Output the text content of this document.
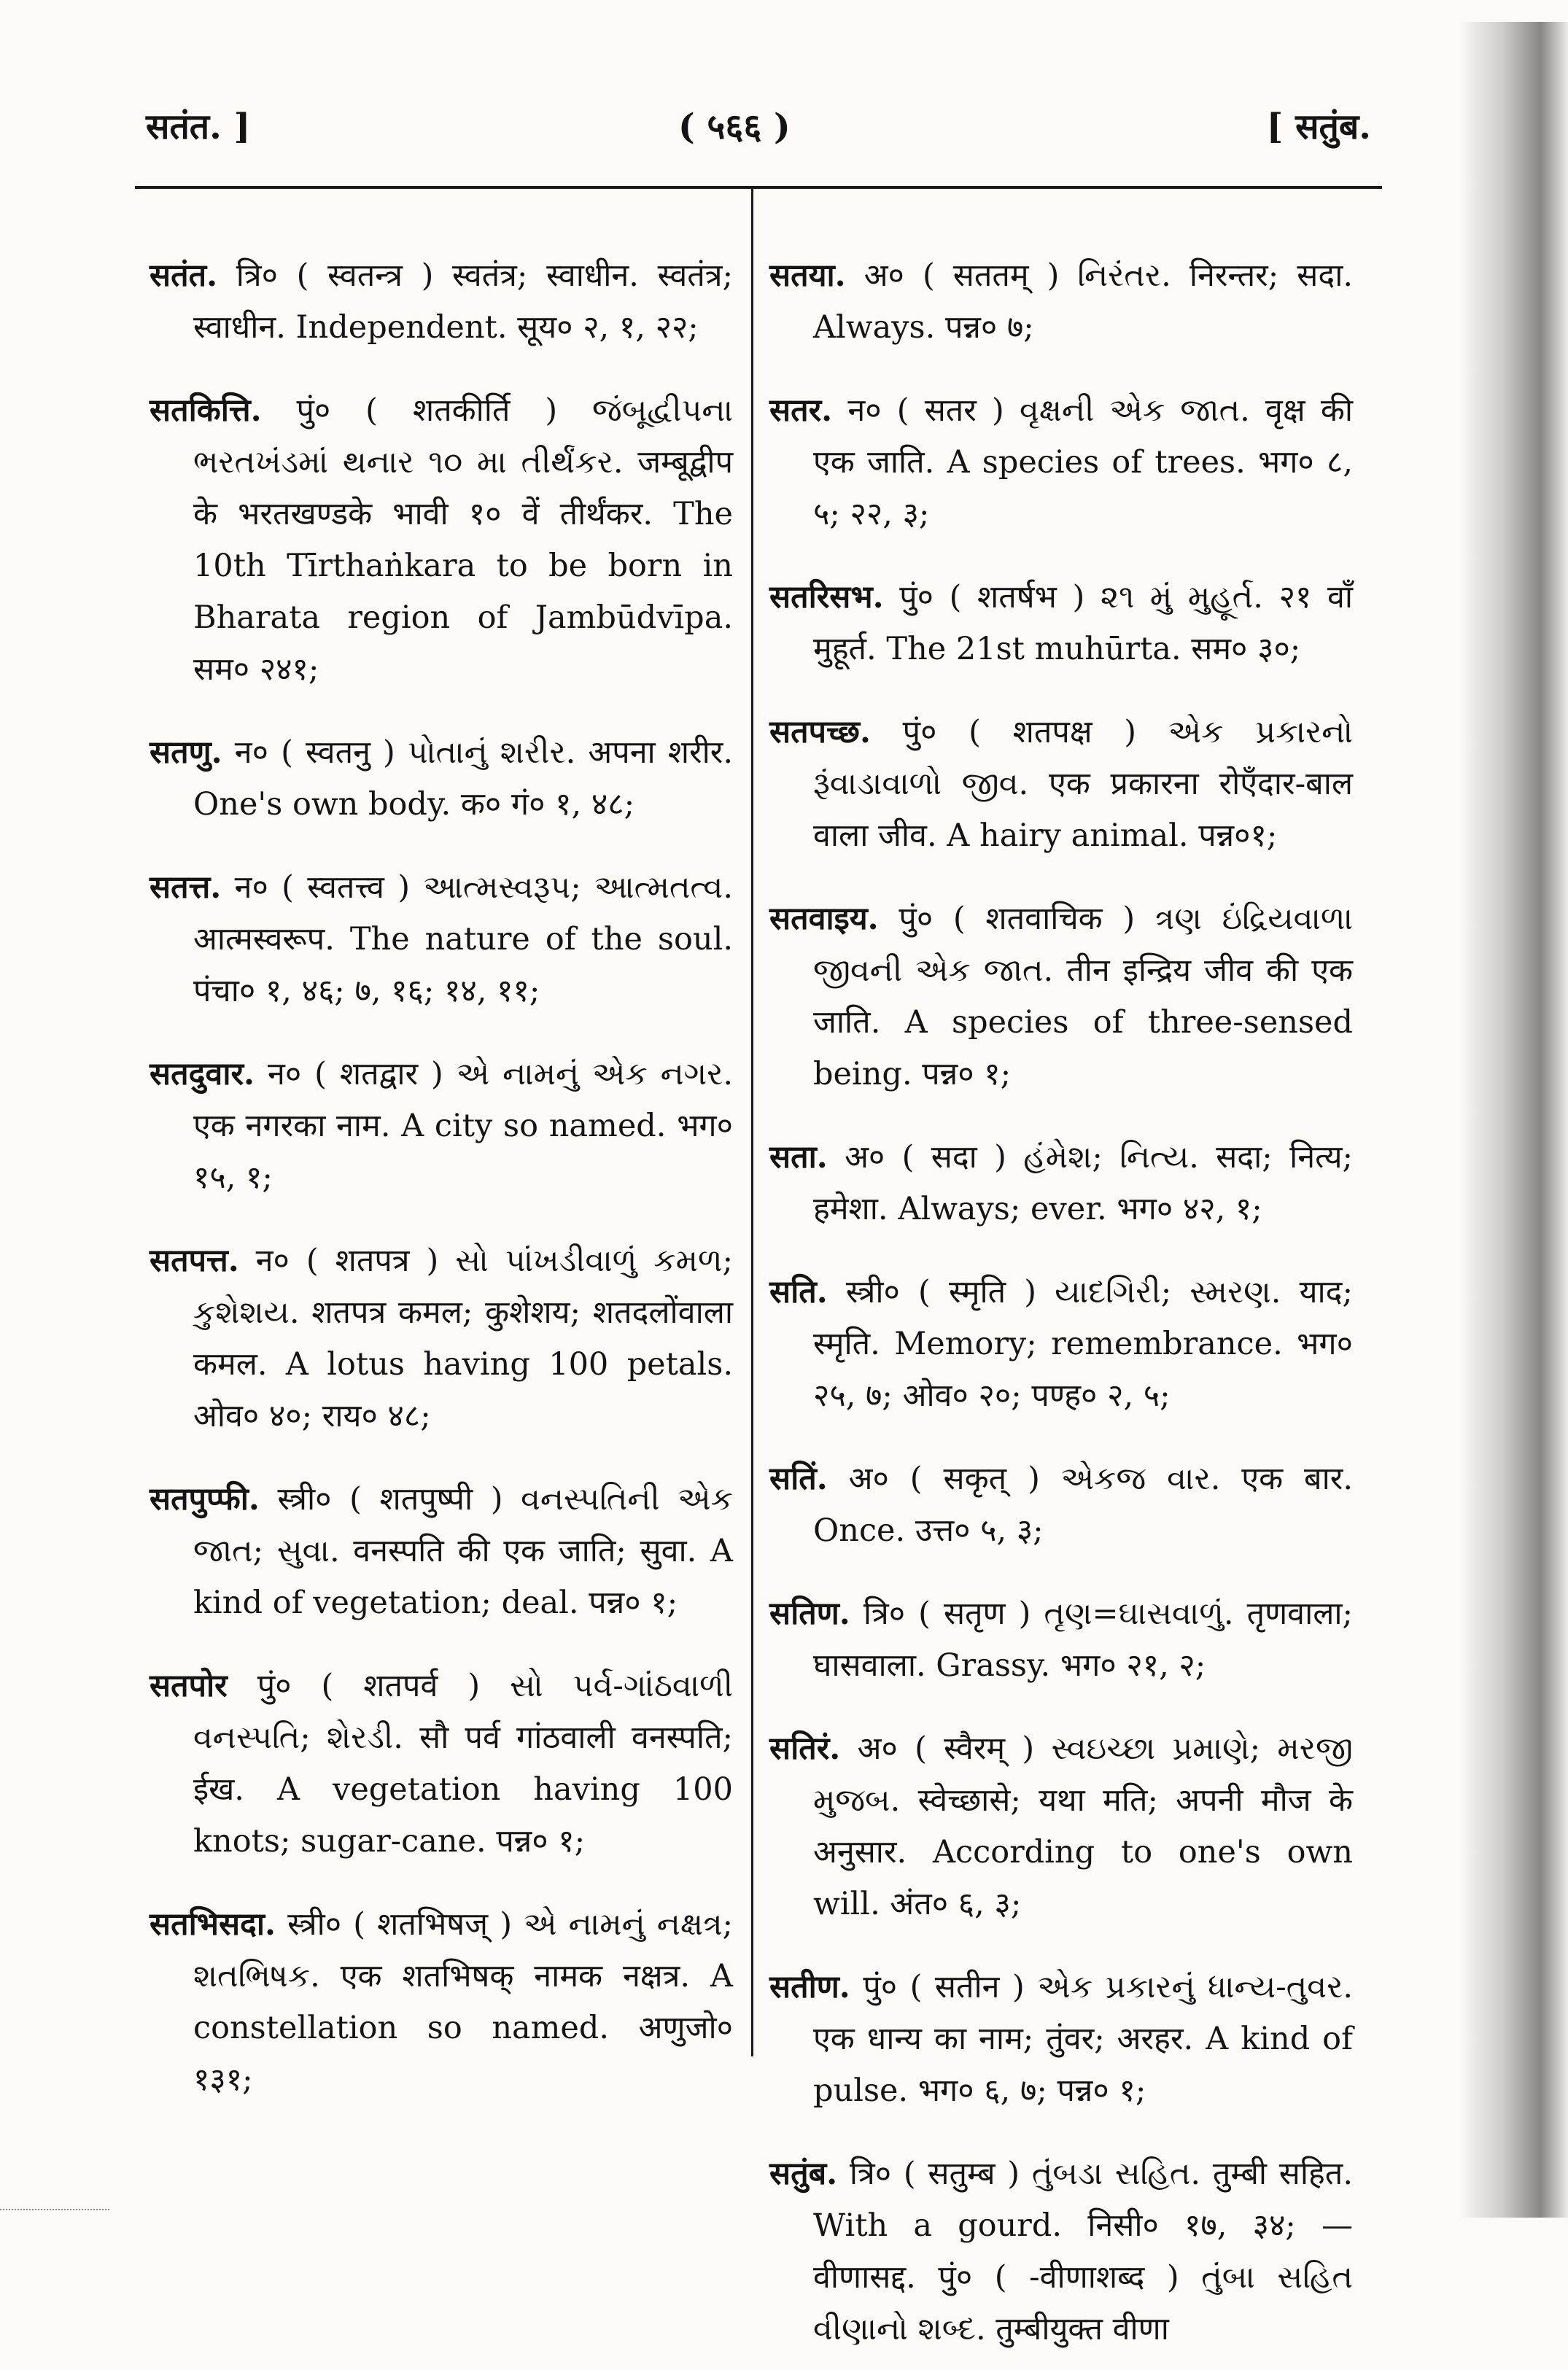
सतंत. ]	( ५६६ )	[ सतुंब.

सतंत. त्रि० ( स्वतन्त्र ) स्वतंत्र; स्वाधीन. स्वतंत्र; स्वाधीन. Independent. सूय० २, १, २२;

सतकित्ति. पुं० ( शतकीर्ति ) જંબૂદ્વીપના ભરતખંડમાં થનાર ૧૦ મા તીર્થંકર. जम्बूद्वीप के भरतखण्डके भावी १० वें तीर्थंकर. The 10th Tīrthaṅkara to be born in Bharata region of Jambūdvīpa. सम० २४१;

सतणु. न० ( स्वतनु ) પોતાનું શરીર. अपना शरीर. One's own body. क० गं० १, ४८;

सतत्त. न० ( स्वतत्त्व ) આત્મસ્વરૂપ; આત્મતત્વ. आत्मस्वरूप. The nature of the soul. पंचा० १, ४६; ७, १६; १४, ११;

सतदुवार. न० ( शतद्वार ) એ નામનું એક નગર. एक नगरका नाम. A city so named. भग० १५, १;

सतपत्त. न० ( शतपत्र ) સો પાંખડીવાળું કમળ; કુશેશય. शतपत्र कमल; कुशेशय; शतदलोंवाला कमल. A lotus having 100 petals. ओव० ४०; राय० ४८;

सतपुप्फी. स्त्री० ( शतपुष्पी ) વનસ્પતિની એક જાત; સુવા. वनस्पति की एक जाति; सुवा. A kind of vegetation; deal. पन्न० १;

सतपोर पुं० ( शतपर्व ) સો પર્વ-ગાંઠવાળી વનસ્પતિ; શેરડી. सौ पर्व गांठवाली वनस्पति; ईख. A vegetation having 100 knots; sugar-cane. पन्न० १;

सतभिसदा. स्त्री० ( शतभिषज् ) એ નામનું નક્ષત્ર; શતભિષક. एक शतभिषक् नामक नक्षत्र. A constellation so named. अणुजो० १३१;

सतया. अ० ( सततम् ) નિરંતર. निरन्तर; सदा. Always. पन्न० ७;

सतर. न० ( सतर ) વૃક્ષની એક જાત. वृक्ष की एक जाति. A species of trees. भग० ८, ५; २२, ३;

सतरिसभ. पुं० ( शतर्षभ ) ૨૧ મું મુહૂર્ત. २१ वाँ मुहूर्त. The 21st muhūrta. सम० ३०;

सतपच्छ. पुं० ( शतपक्ष ) એક પ્રકારનો રૂંવાડાવાળો જીવ. एक प्रकारना रोएँदार-बाल वाला जीव. A hairy animal. पन्न०१;

सतवाइय. पुं० ( शतवाचिक ) ત્રણ ઇંદ્રિયવાળા જીવની એક જાત. तीन इन्द्रिय जीव की एक जाति. A species of three-sensed being. पन्न० १;

सता. अ० ( सदा ) હંમેશ; નિત્ય. सदा; नित्य; हमेशा. Always; ever. भग० ४२, १;

सति. स्त्री० ( स्मृति ) યાદગિરી; સ્મરણ. याद; स्मृति. Memory; remembrance. भग० २५, ७; ओव० २०; पण्ह० २, ५;

सतिं. अ० ( सकृत् ) એકજ વાર. एक बार. Once. उत्त० ५, ३;

सतिण. त्रि० ( सतृण ) તૃણ=ઘાસવાળું. तृणवाला; घासवाला. Grassy. भग० २१, २;

सतिरं. अ० ( स्वैरम् ) સ્વઇચ્છા પ્રમાણે; મરજી મુજબ. स्वेच्छासे; यथा मति; अपनी मौज के अनुसार. According to one's own will. अंत० ६, ३;

सतीण. पुं० ( सतीन ) એક પ્રકારનું ધાન્ય-તુવર. एक धान्य का नाम; तुंवर; अरहर. A kind of pulse. भग० ६, ७; पन्न० १;

सतुंब. त्रि० ( सतुम्ब ) તુંબડા સહિત. तुम्बी सहित. With a gourd. निसी० १७, ३४; —वीणासद्द. पुं० ( -वीणाशब्द ) તુંબા સહિત વીણાનો શબ્દ. तुम्बीयुक्त वीणा
